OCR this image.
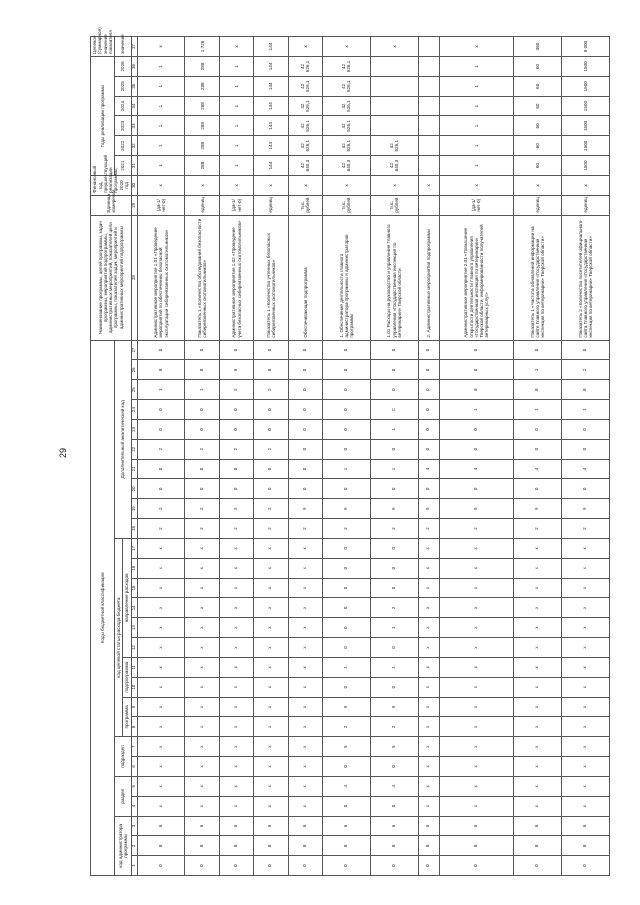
29
Коды бюджетной классификации																											Наименование программы, целей программы, задач программы, мероприятий подпрограммы, административных мероприятий, показателей цели программы, показателей задач, мероприятий и административных мероприятий подпрограммы	Единица измерения	Финансовый год, предшествующий реализации программы, 2020 год	Годы реализации программы						Целевое (суммарное) значение показателя
код администратора программы			раздел		подраздел		код целевой статьи расхода бюджета										Дополнительный аналитический код													2021	2022	2023	2024	2025	2026	значение
							программа		подпрограмма		направление расходов																									
1	2	3	4	5	6	7	8	9	10	11	12	13	14	15	16	17	18	19	20	21	22	23	24	25	26	27	28	29	30	31	32	33	34	35	36	37
0	8	6	x	x	x	x	x	x	x	x	x	x	x	x	x	x	2	2	0	0	2	0	0	1	8	0	Административное мероприятие 1.01 «Проведение мероприятий по обеспечению безопасной эксплуатации сибиреязвенных скотомогильников»	(да-1/нет-0)	x	1	1	1	1	1	1	x
0	8	6	x	x	x	x	x	x	x	x	x	x	x	x	x	x	2	2	0	0	2	0	0	1	8	0	Показатель 1 «Количество обследований безопасности сибиреязвенных скотомогильников»	единиц	x	288	288	288	288	288	288	1 728
0	8	6	x	x	x	x	x	x	x	x	x	x	x	x	x	x	2	2	0	0	2	0	0	2	9	0	Административное мероприятие 1.02 «Проведение учета безопасных сибиреязвенных скотомогильников»	(да-1/нет-0)	x	1	1	1	1	1	1	x
0	8	6	x	x	x	x	x	x	x	x	x	x	x	x	x	x	2	2	0	0	2	0	0	2	8	0	Показатель 1 «Количество учтенных безопасных сибиреязвенных скотомогильников»	единиц	x	144	144	144	144	144	144	144
0	8	6	x	x	x	x	x	x	x	x	x	x	x	x	x	x	2	9	0	0	0	0	0	0	0	0	Обеспечивающая подпрограмма	тыс. рублей	x	42 640,3	42 526,1	42 526,1	42 526,1	42 526,1	42 526,1	x
0	8	6	0	4	0	5	2	9	0	1	0	0	0	0	0	0	2	9	0	1	0	0	0	0	0	0	1. Обеспечение деятельности главного администратора программы и администраторов программы	тыс. рублей	x	42 640,3	42 526,1	42 526,1	42 526,1	42 526,1	42 526,1	x
0	8	6	0	4	0	5	2	9	0	1	0	1	2	0	0	0	2	9	0	1	0	1	C	0	0	0	1.01 Расходы на руководство и управление Главного управления «Государственная инспекция по ветеринарии» Тверской области	тыс. рублей	x	42 640,3	42 526,1					x
0	8	6	x	x	x	x	x	x	x	x	x	x	x	x	x	x	2	9	0	4	0	0	0	0	0	0	2. Административные мероприятия подпрограммы		x							
0	8	6	x	x	x	x	x	x	x	x	x	x	x	x	x	x	2	9	0	4	0	0	1	8	0	0	Административное мероприятие 2.01 «Повышение открытости деятельности Главного управления «Государственная инспекция по ветеринарии» Тверской области, информированности получателей ветеринарных услуг»	(да-1/нет-0)	x	1	1	1	1	1	1	x
0	8	6	x	x	x	x	x	x	x	x	x	x	x	x	x	x	2	9	0	4	0	0	1	8	1	0	Показатель 1 «Частота обновлений информации на сайте Главного управления «Государственная инспекция по ветеринарии» Тверской области»	единиц	x	60	60	60	60	60	60	360
0	8	6	x	x	x	x	x	x	x	x	x	x	x	x	x	x	2	9	0	4	0	0	1	8	2	0	Показатель 2 «Количество посетителей официального сайта Главного управления «Государственная инспекция по ветеринарии» Тверской области»	единиц	x	1500	1500	1500	1500	1500	1500	9 000
